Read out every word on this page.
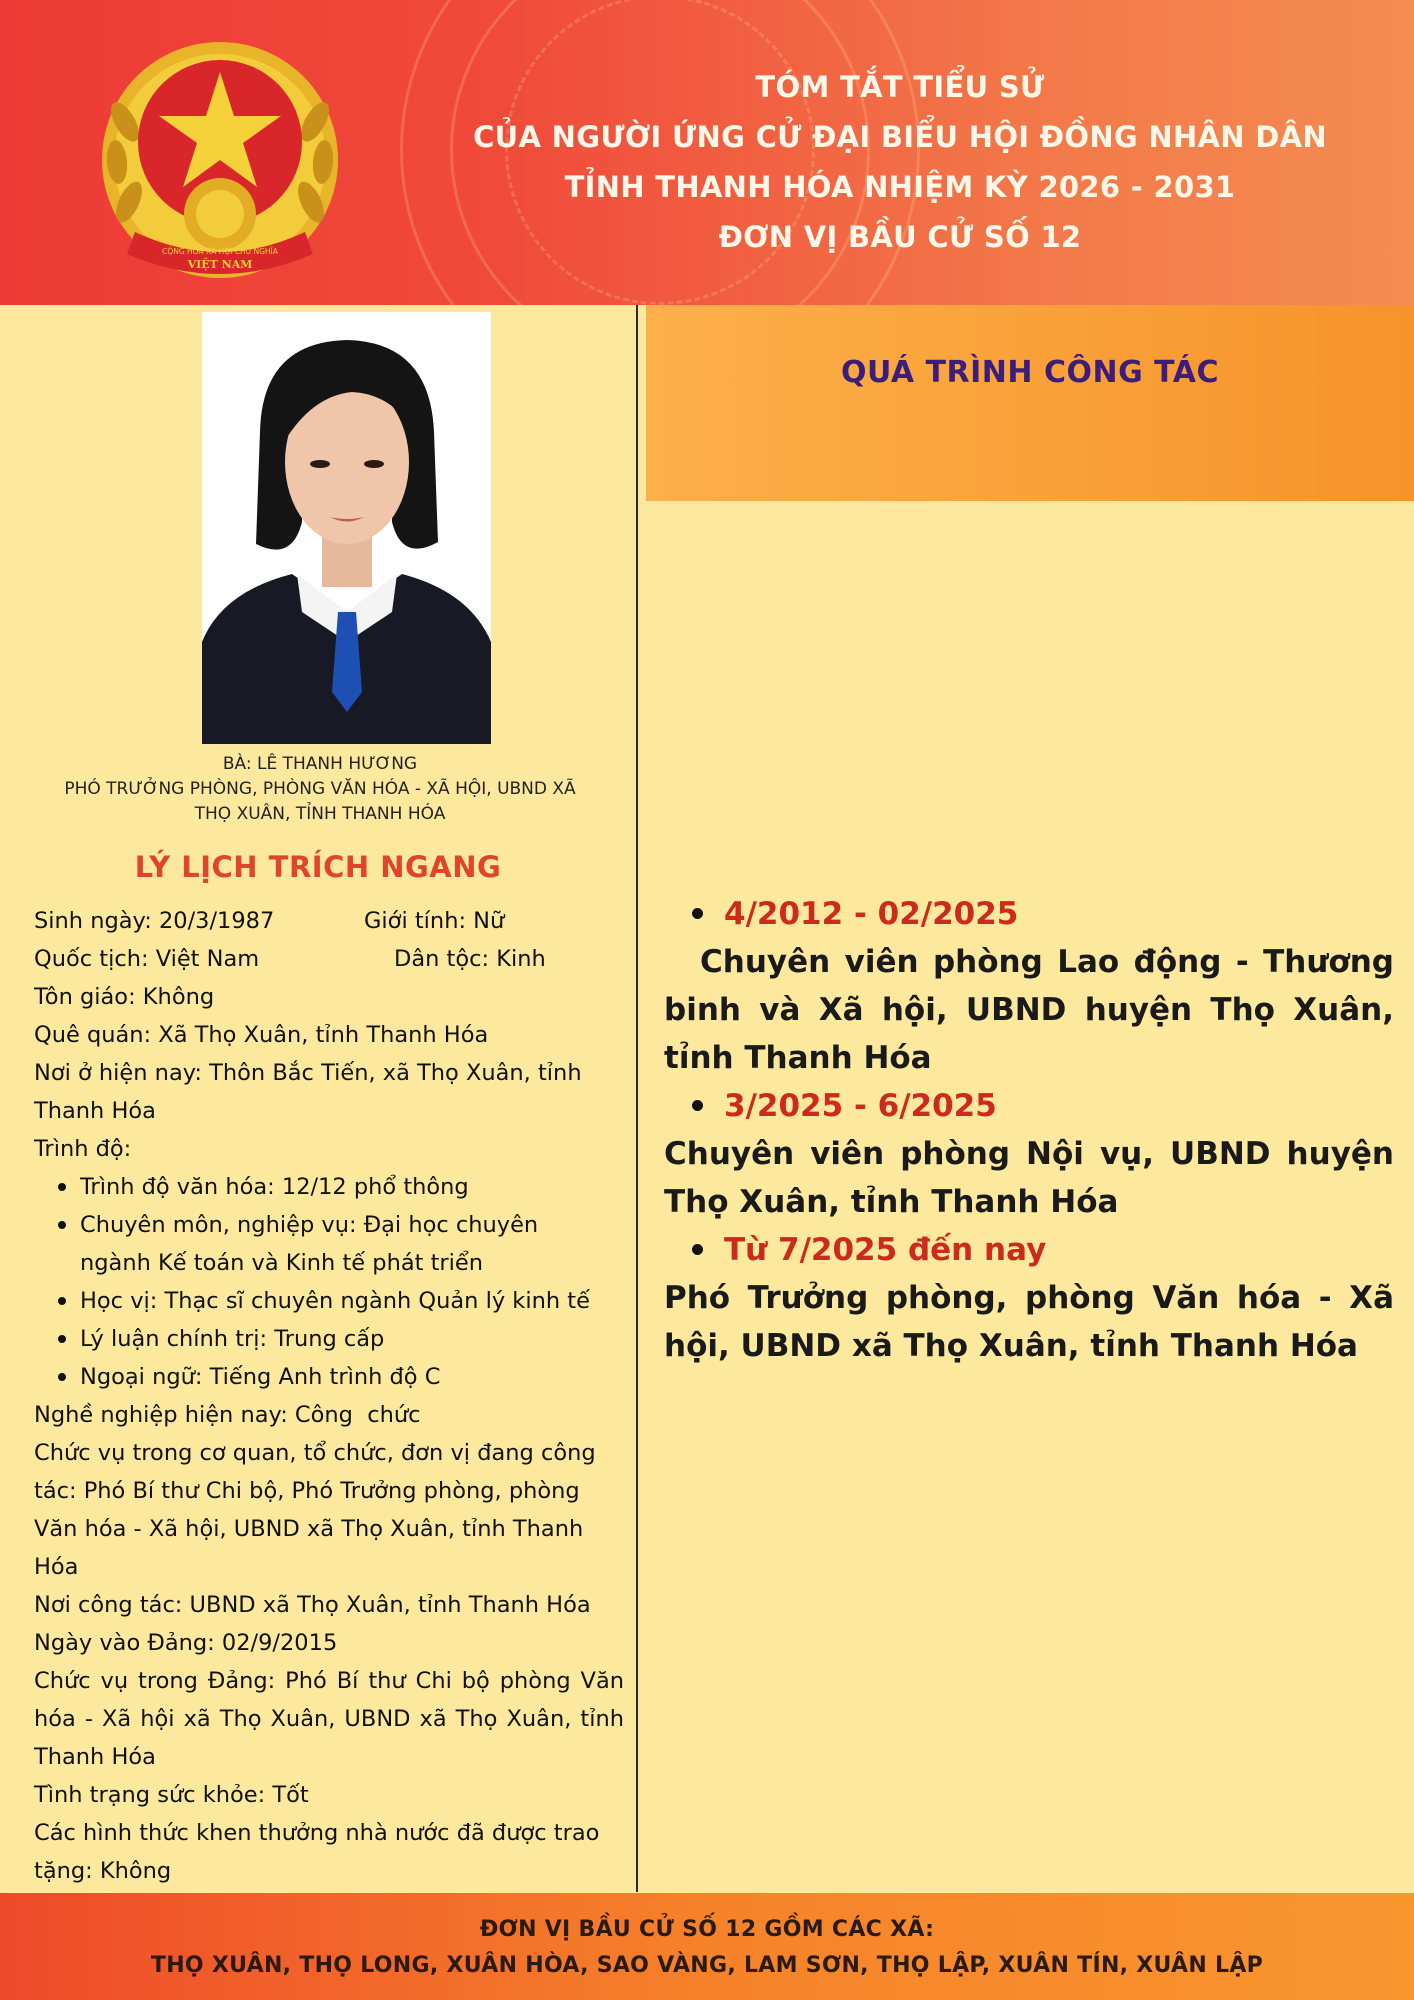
CỘNG HÒA XÃ HỘI CHỦ NGHĨA
VIỆT NAM
TÓM TẮT TIỂU SỬ
CỦA NGƯỜI ỨNG CỬ ĐẠI BIỂU HỘI ĐỒNG NHÂN DÂN
TỈNH THANH HÓA NHIỆM KỲ 2026 - 2031
ĐƠN VỊ BẦU CỬ SỐ 12
BÀ: LÊ THANH HƯƠNG
PHÓ TRƯỞNG PHÒNG, PHÒNG VĂN HÓA - XÃ HỘI, UBND XÃ
THỌ XUÂN, TỈNH THANH HÓA
LÝ LỊCH TRÍCH NGANG
Sinh ngày: 20/3/1987	Giới tính: Nữ
Quốc tịch: Việt Nam	Dân tộc: Kinh

Tôn giáo: Không

Quê quán: Xã Thọ Xuân, tỉnh Thanh Hóa

Nơi ở hiện nay: Thôn Bắc Tiến, xã Thọ Xuân, tỉnh Thanh Hóa

Trình độ:

Trình độ văn hóa: 12/12 phổ thông
Chuyên môn, nghiệp vụ: Đại học chuyên ngành Kế toán và Kinh tế phát triển
Học vị: Thạc sĩ chuyên ngành Quản lý kinh tế
Lý luận chính trị: Trung cấp
Ngoại ngữ: Tiếng Anh trình độ C

Nghề nghiệp hiện nay: Công  chức

Chức vụ trong cơ quan, tổ chức, đơn vị đang công tác: Phó Bí thư Chi bộ, Phó Trưởng phòng, phòng Văn hóa - Xã hội, UBND xã Thọ Xuân, tỉnh Thanh Hóa

Nơi công tác: UBND xã Thọ Xuân, tỉnh Thanh Hóa

Ngày vào Đảng: 02/9/2015

Chức vụ trong Đảng: Phó Bí thư Chi bộ phòng Văn hóa - Xã hội xã Thọ Xuân, UBND xã Thọ Xuân, tỉnh Thanh Hóa

Tình trạng sức khỏe: Tốt

Các hình thức khen thưởng nhà nước đã được trao tặng: Không

QUÁ TRÌNH CÔNG TÁC
4/2012 - 02/2025
Chuyên viên phòng Lao động - Thương binh và Xã hội, UBND huyện Thọ Xuân, tỉnh Thanh Hóa
3/2025 - 6/2025
Chuyên viên phòng Nội vụ, UBND huyện Thọ Xuân, tỉnh Thanh Hóa
Từ 7/2025 đến nay
Phó Trưởng phòng, phòng Văn hóa - Xã hội, UBND xã Thọ Xuân, tỉnh Thanh Hóa
ĐƠN VỊ BẦU CỬ SỐ 12 GỒM CÁC XÃ:
THỌ XUÂN, THỌ LONG, XUÂN HÒA, SAO VÀNG, LAM SƠN, THỌ LẬP, XUÂN TÍN, XUÂN LẬP
